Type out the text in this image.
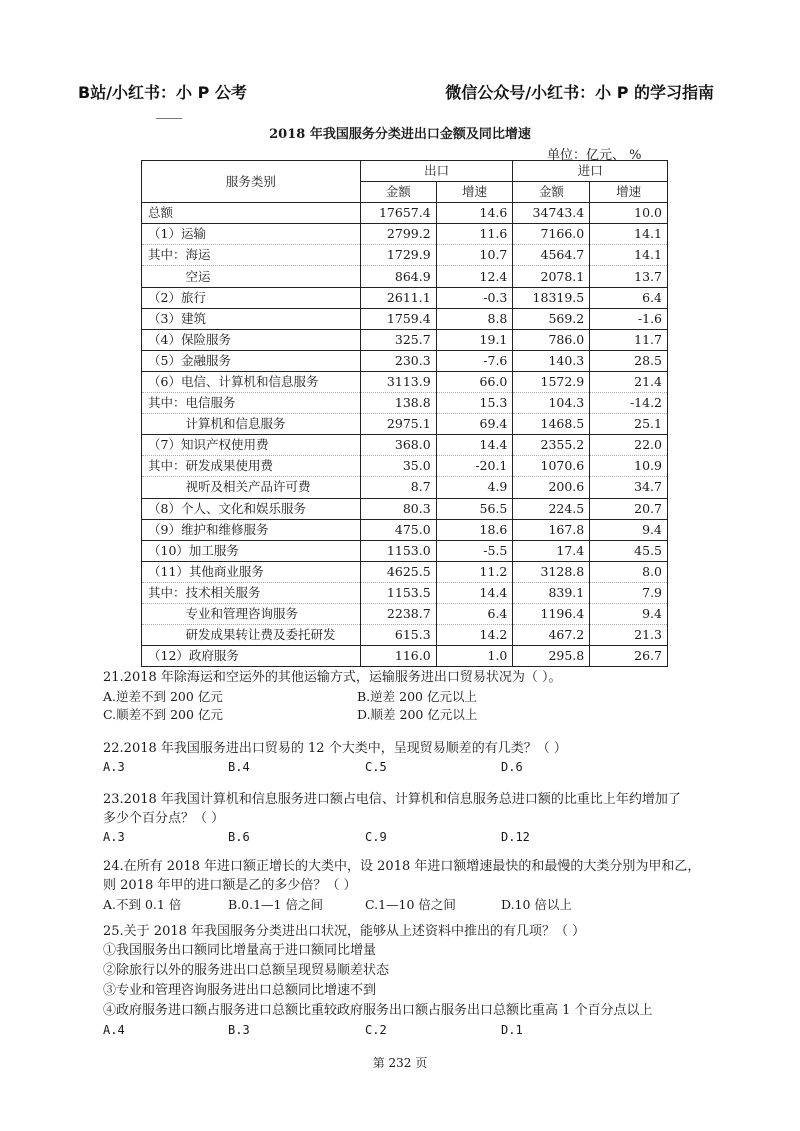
B站/小红书：小 P 公考	微信公众号/小红书：小 P 的学习指南
2018 年我国服务分类进出口金额及同比增速
单位：亿元、 %
服务类别	出口		进口	
	金额	增速	金额	增速
总额	17657.4	14.6	34743.4	10.0
（1）运输	2799.2	11.6	7166.0	14.1
其中：海运	1729.9	10.7	4564.7	14.1
　　　空运	864.9	12.4	2078.1	13.7
（2）旅行	2611.1	-0.3	18319.5	6.4
（3）建筑	1759.4	8.8	569.2	-1.6
（4）保险服务	325.7	19.1	786.0	11.7
（5）金融服务	230.3	-7.6	140.3	28.5
（6）电信、计算机和信息服务	3113.9	66.0	1572.9	21.4
其中：电信服务	138.8	15.3	104.3	-14.2
　　　计算机和信息服务	2975.1	69.4	1468.5	25.1
（7）知识产权使用费	368.0	14.4	2355.2	22.0
其中：研发成果使用费	35.0	-20.1	1070.6	10.9
　　　视听及相关产品许可费	8.7	4.9	200.6	34.7
（8）个人、文化和娱乐服务	80.3	56.5	224.5	20.7
（9）维护和维修服务	475.0	18.6	167.8	9.4
（10）加工服务	1153.0	-5.5	17.4	45.5
（11）其他商业服务	4625.5	11.2	3128.8	8.0
其中：技术相关服务	1153.5	14.4	839.1	7.9
　　　专业和管理咨询服务	2238.7	6.4	1196.4	9.4
　　　研发成果转让费及委托研发	615.3	14.2	467.2	21.3
（12）政府服务	116.0	1.0	295.8	26.7
21.2018 年除海运和空运外的其他运输方式，运输服务进出口贸易状况为（ ）。
A.逆差不到 200 亿元	B.逆差 200 亿元以上
C.顺差不到 200 亿元	D.顺差 200 亿元以上
22.2018 年我国服务进出口贸易的 12 个大类中，呈现贸易顺差的有几类？（ ）
A.3	B.4	C.5	D.6
23.2018 年我国计算机和信息服务进口额占电信、计算机和信息服务总进口额的比重比上年约增加了
多少个百分点？（ ）
A.3	B.6	C.9	D.12
24.在所有 2018 年进口额正增长的大类中，设 2018 年进口额增速最快的和最慢的大类分别为甲和乙，
则 2018 年甲的进口额是乙的多少倍？（ ）
A.不到 0.1 倍	B.0.1—1 倍之间	C.1—10 倍之间	D.10 倍以上
25.关于 2018 年我国服务分类进出口状况，能够从上述资料中推出的有几项？（ ）
①我国服务出口额同比增量高于进口额同比增量
②除旅行以外的服务进出口总额呈现贸易顺差状态
③专业和管理咨询服务进出口总额同比增速不到
④政府服务进口额占服务进口总额比重较政府服务出口额占服务出口总额比重高 1 个百分点以上
A.4	B.3	C.2	D.1
第 232 页
